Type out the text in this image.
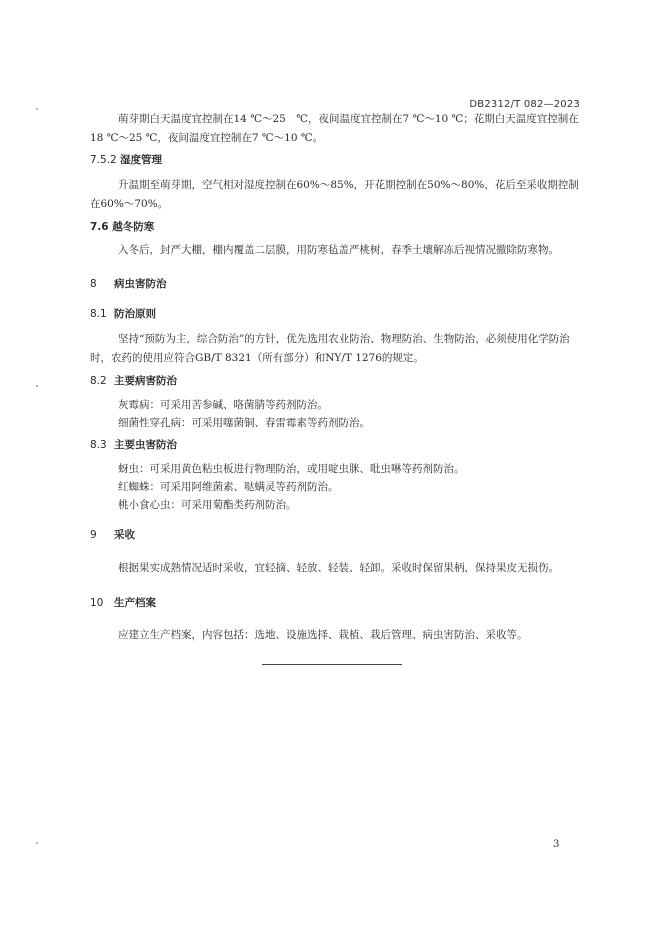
DB2312/T 082—2023
萌芽期白天温度宜控制在14 ℃～25　℃，夜间温度宜控制在7 ℃～10 ℃；花期白天温度宜控制在18 ℃～25 ℃，夜间温度宜控制在7 ℃～10 ℃。
7.5.2 湿度管理
升温期至萌芽期，空气相对湿度控制在60%～85%，开花期控制在50%～80%，花后至采收期控制在60%～70%。
7.6 越冬防寒
入冬后，封严大棚，棚内覆盖二层膜，用防寒毡盖严桃树，春季土壤解冻后视情况撤除防寒物。
8 病虫害防治
8.1 防治原则
坚持“预防为主，综合防治”的方针，优先选用农业防治、物理防治、生物防治，必须使用化学防治时，农药的使用应符合GB/T 8321（所有部分）和NY/T 1276的规定。
8.2 主要病害防治
灰霉病：可采用苦参碱、咯菌腈等药剂防治。
细菌性穿孔病：可采用噻菌铜、春雷霉素等药剂防治。
8.3 主要虫害防治
蚜虫：可采用黄色粘虫板进行物理防治，或用啶虫脒、吡虫啉等药剂防治。
红蜘蛛：可采用阿维菌素、哒螨灵等药剂防治。
桃小食心虫：可采用菊酯类药剂防治。
9 采收
根据果实成熟情况适时采收，宜轻摘、轻放、轻装、轻卸。采收时保留果柄，保持果皮无损伤。
10 生产档案
应建立生产档案，内容包括：选地、设施选择、栽植、栽后管理、病虫害防治、采收等。
3
